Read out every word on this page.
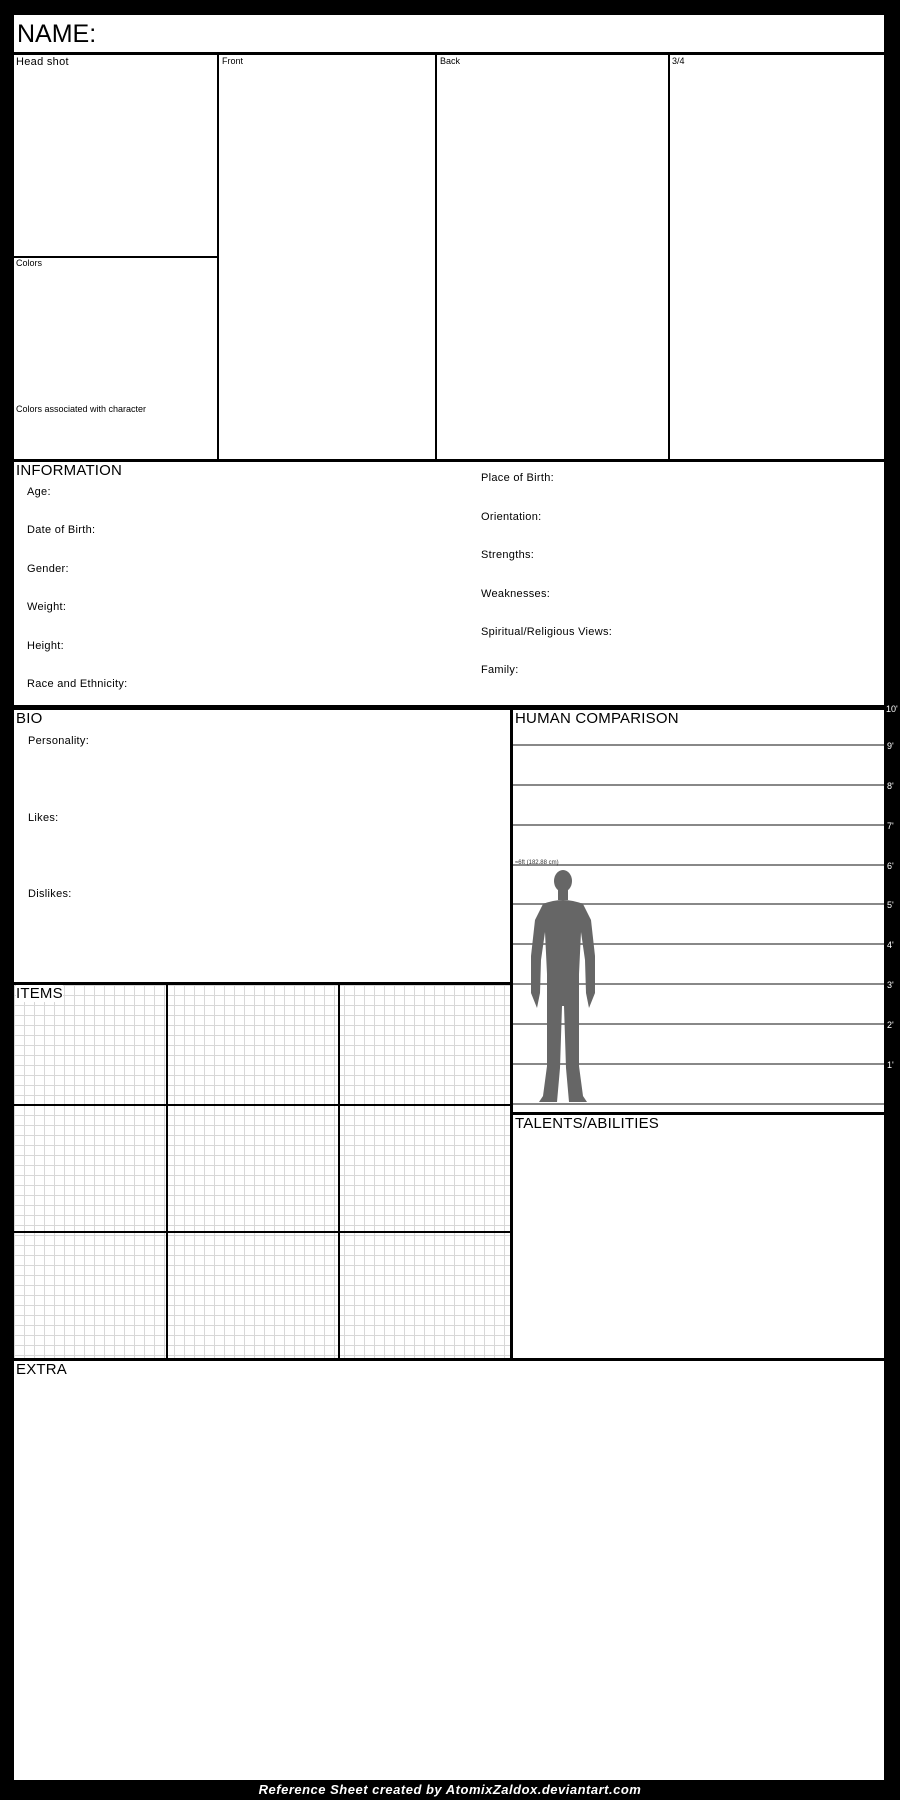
NAME:
Head shot
Colors
Colors associated with character
Front	Back	3/4
INFORMATION
Age:
Date of Birth:
Gender:
Weight:
Height:
Race and Ethnicity:
Place of Birth:
Orientation:
Strengths:
Weaknesses:
Spiritual/Religious Views:
Family:
BIO
Personality:
Likes:
Dislikes:
ITEMS
HUMAN COMPARISON
≈6ft (182.88 cm)
10'
9'
8'
7'
6'
5'
4'
3'
2'
1'
TALENTS/ABILITIES
EXTRA
Reference Sheet created by AtomixZaldox.deviantart.com
